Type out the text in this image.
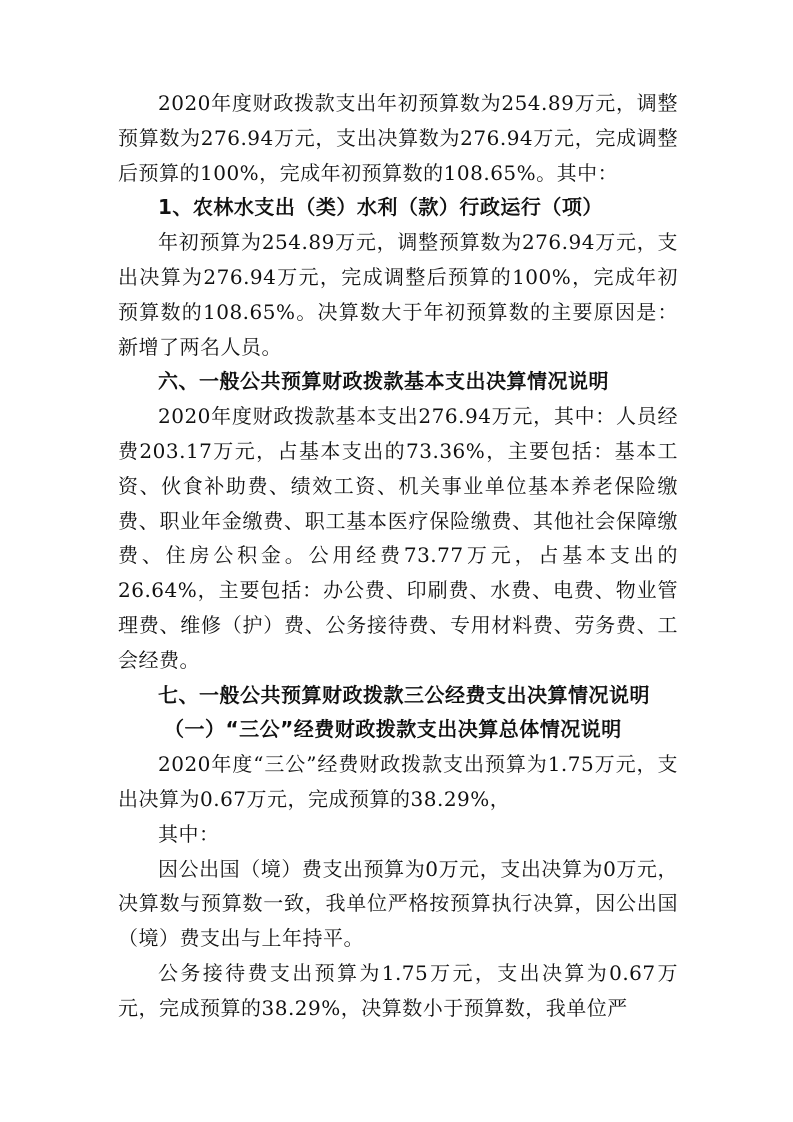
2020年度财政拨款支出年初预算数为254.89万元，调整预算数为276.94万元，支出决算数为276.94万元，完成调整后预算的100%，完成年初预算数的108.65%。其中：

1、农林水支出（类）水利（款）行政运行（项）

年初预算为254.89万元，调整预算数为276.94万元，支出决算为276.94万元，完成调整后预算的100%，完成年初预算数的108.65%。决算数大于年初预算数的主要原因是：新增了两名人员。

六、一般公共预算财政拨款基本支出决算情况说明

2020年度财政拨款基本支出276.94万元，其中：人员经费203.17万元，占基本支出的73.36%，主要包括：基本工资、伙食补助费、绩效工资、机关事业单位基本养老保险缴费、职业年金缴费、职工基本医疗保险缴费、其他社会保障缴费、住房公积金。公用经费73.77万元，占基本支出的26.64%，主要包括：办公费、印刷费、水费、电费、物业管理费、维修（护）费、公务接待费、专用材料费、劳务费、工会经费。

七、一般公共预算财政拨款三公经费支出决算情况说明

（一）“三公”经费财政拨款支出决算总体情况说明

2020年度“三公”经费财政拨款支出预算为1.75万元，支出决算为0.67万元，完成预算的38.29%，

其中：

因公出国（境）费支出预算为0万元，支出决算为0万元，决算数与预算数一致，我单位严格按预算执行决算，因公出国（境）费支出与上年持平。

公务接待费支出预算为1.75万元，支出决算为0.67万元，完成预算的38.29%，决算数小于预算数，我单位严
